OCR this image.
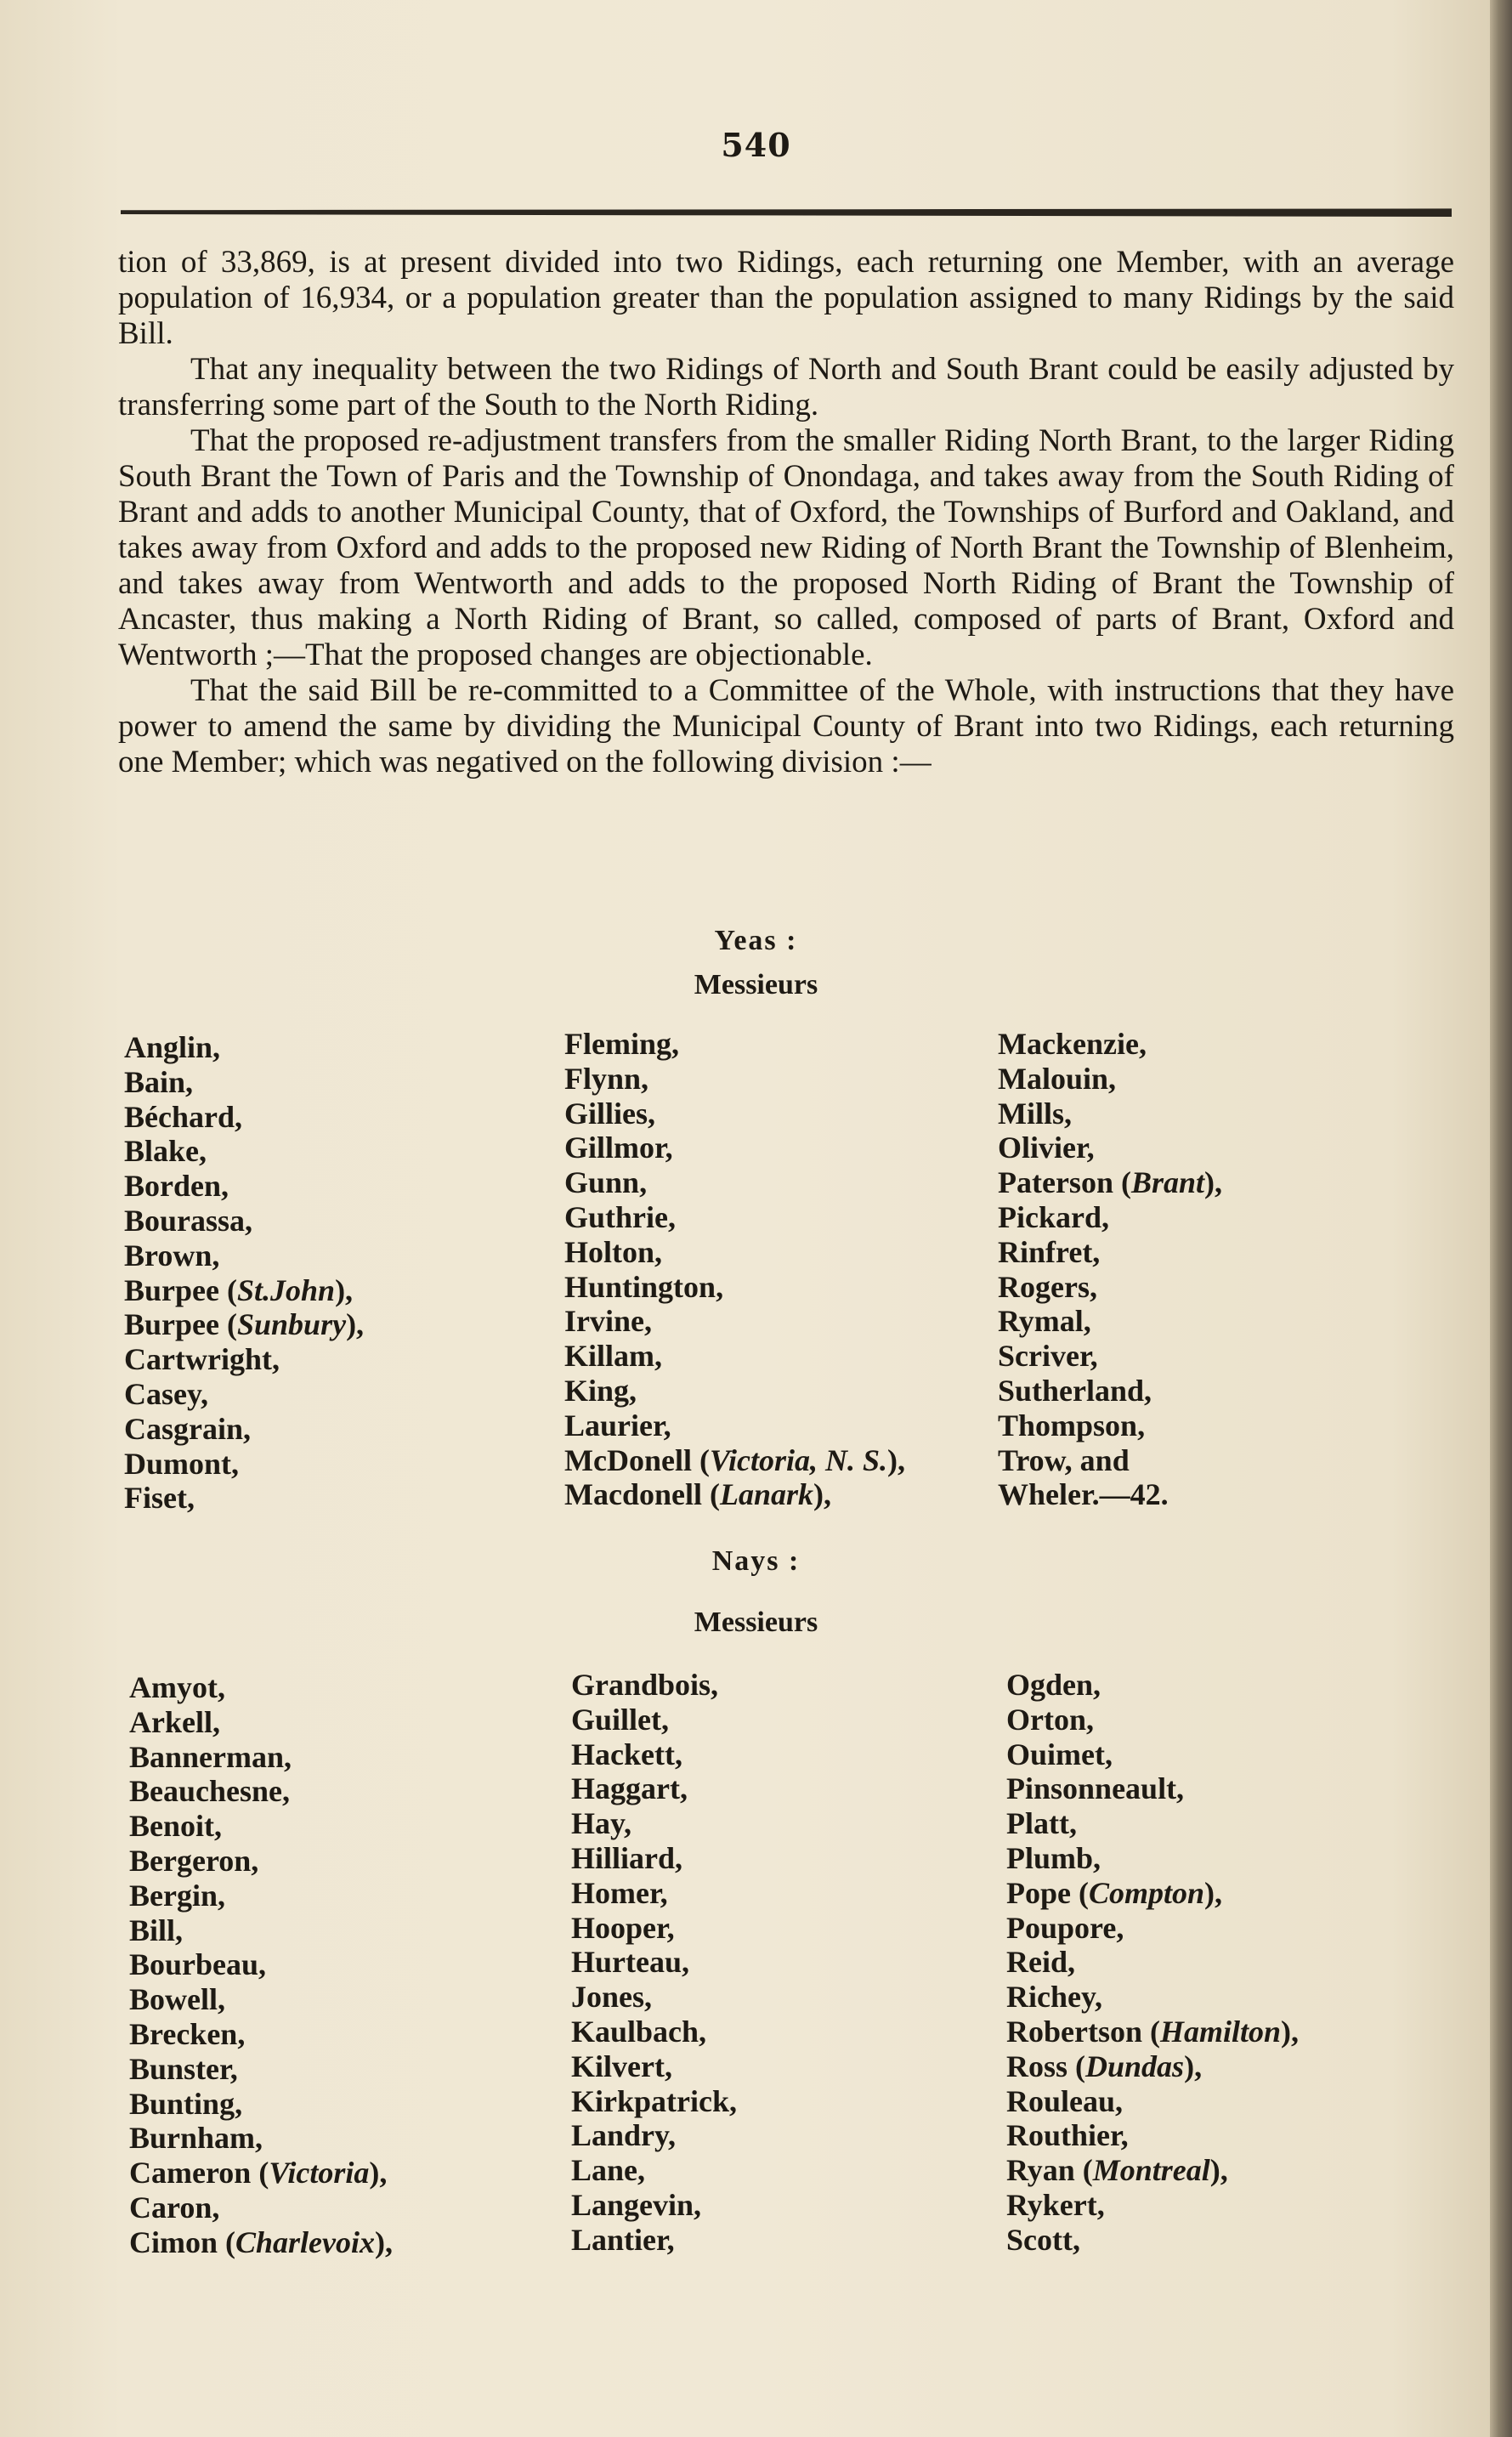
540

tion of 33,869, is at present divided into two Ridings, each returning one Member, with an average population of 16,934, or a population greater than the population assigned to many Ridings by the said Bill.

That any inequality between the two Ridings of North and South Brant could be easily adjusted by transferring some part of the South to the North Riding.

That the proposed re-adjustment transfers from the smaller Riding North Brant, to the larger Riding South Brant the Town of Paris and the Township of Onondaga, and takes away from the South Riding of Brant and adds to another Municipal County, that of Oxford, the Townships of Burford and Oakland, and takes away from Oxford and adds to the proposed new Riding of North Brant the Township of Blenheim, and takes away from Wentworth and adds to the proposed North Riding of Brant the Township of Ancaster, thus making a North Riding of Brant, so called, composed of parts of Brant, Oxford and Wentworth ;—That the proposed changes are objectionable.

That the said Bill be re-committed to a Committee of the Whole, with instructions that they have power to amend the same by dividing the Municipal County of Brant into two Ridings, each returning one Member; which was negatived on the following division :—

Yeas :
Messieurs
Anglin,
Bain,
Béchard,
Blake,
Borden,
Bourassa,
Brown,
Burpee (St.John),
Burpee (Sunbury),
Cartwright,
Casey,
Casgrain,
Dumont,
Fiset,
Fleming,
Flynn,
Gillies,
Gillmor,
Gunn,
Guthrie,
Holton,
Huntington,
Irvine,
Killam,
King,
Laurier,
McDonell (Victoria, N. S.),
Macdonell (Lanark),
Mackenzie,
Malouin,
Mills,
Olivier,
Paterson (Brant),
Pickard,
Rinfret,
Rogers,
Rymal,
Scriver,
Sutherland,
Thompson,
Trow, and
Wheler.—42.
Nays :
Messieurs
Amyot,
Arkell,
Bannerman,
Beauchesne,
Benoit,
Bergeron,
Bergin,
Bill,
Bourbeau,
Bowell,
Brecken,
Bunster,
Bunting,
Burnham,
Cameron (Victoria),
Caron,
Cimon (Charlevoix),
Grandbois,
Guillet,
Hackett,
Haggart,
Hay,
Hilliard,
Homer,
Hooper,
Hurteau,
Jones,
Kaulbach,
Kilvert,
Kirkpatrick,
Landry,
Lane,
Langevin,
Lantier,
Ogden,
Orton,
Ouimet,
Pinsonneault,
Platt,
Plumb,
Pope (Compton),
Poupore,
Reid,
Richey,
Robertson (Hamilton),
Ross (Dundas),
Rouleau,
Routhier,
Ryan (Montreal),
Rykert,
Scott,
